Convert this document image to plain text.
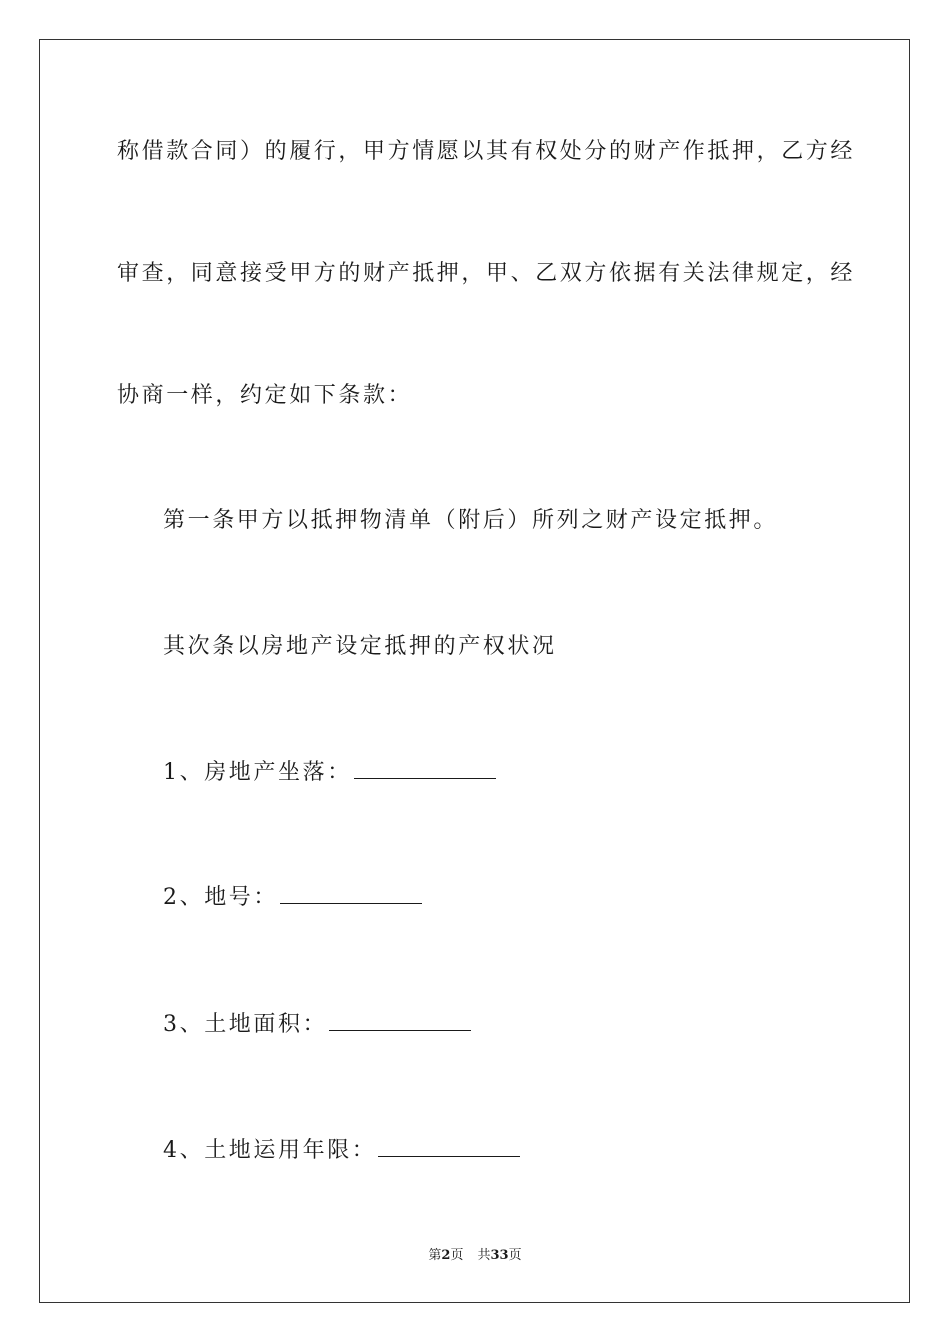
称借款合同）的履行，甲方情愿以其有权处分的财产作抵押，乙方经
审查，同意接受甲方的财产抵押，甲、乙双方依据有关法律规定，经
协商一样，约定如下条款：
第一条甲方以抵押物清单（附后）所列之财产设定抵押。
其次条以房地产设定抵押的产权状况
1、房地产坐落：
2、地号：
3、土地面积：
4、土地运用年限：
第2页 共33页
